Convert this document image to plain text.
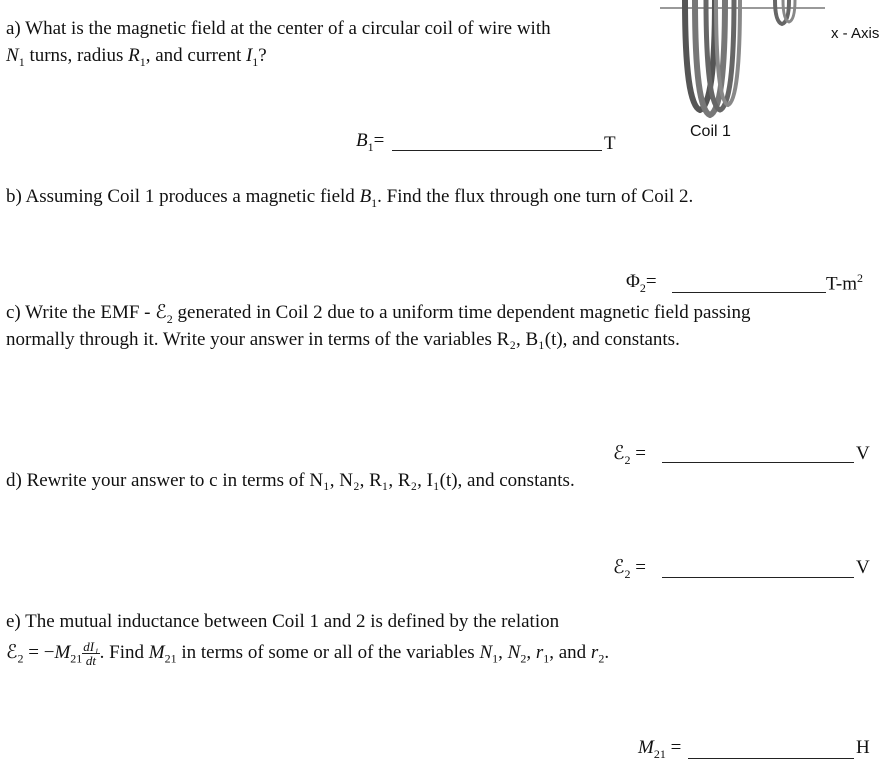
x - Axis
Coil 1
a) What is the magnetic field at the center of a circular coil of wire with
$N_1$ turns, radius $R_1$, and current $I_1$?
$B_1=$	T
b) Assuming Coil 1 produces a magnetic field $B_1$. Find the flux through one turn of Coil 2.
$\Phi_2=$	$T-m^2$
c) Write the EMF - ℰ$_2$ generated in Coil 2 due to a uniform time dependent magnetic field passing
normally through it. Write your answer in terms of the variables R₂, B₁(t), and constants.
ℰ$_2$ =	V
d) Rewrite your answer to c in terms of N₁, N₂, R₁, R₂, I₁(t), and constants.
ℰ$_2$ =	V
e) The mutual inductance between Coil 1 and 2 is defined by the relation
ℰ$_2$ = $-M_{21} \frac{\text{dI₁}}{dt}$ . Find $M_{21}$ in terms of some or all of the variables $N_1$, $N_2$, $r_1$, and $r_2$.
$M_{21}$ =	H
